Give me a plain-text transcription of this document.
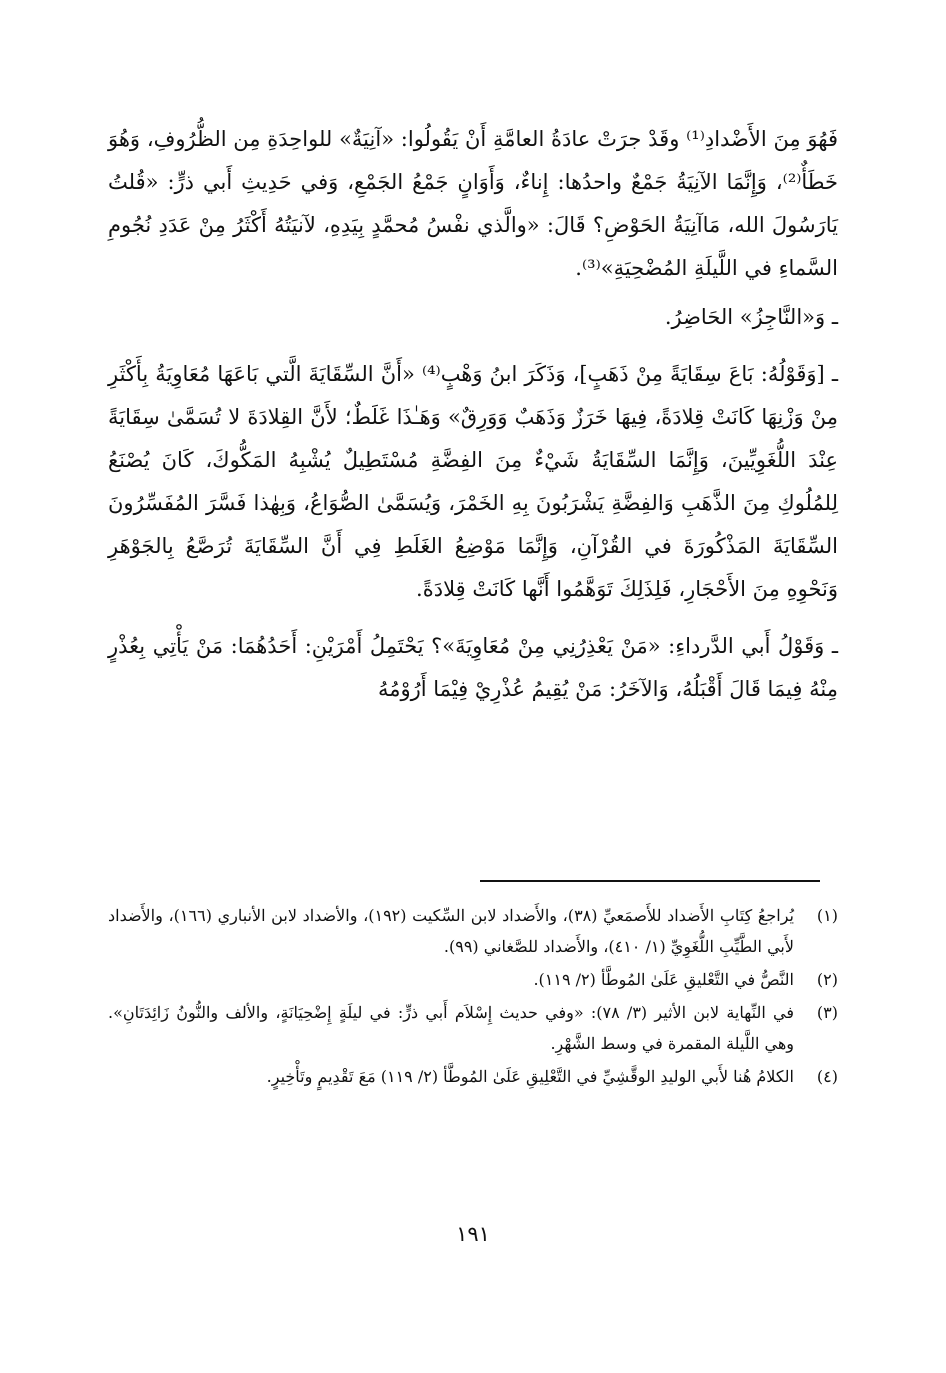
فَهُوَ مِنَ الأَضْدادِ⁽¹⁾ وقَدْ جرَتْ عادَةُ العامَّةِ أَنْ يَقُولُوا: «آنِيَةٌ» للواحِدَةِ مِن الظُّرُوفِ، وَهُوَ خَطَأٌ⁽²⁾، وَإِنَّمَا الآنِيَةُ جَمْعٌ واحدُها: إِناءٌ، وَأَوَانٍ جَمْعُ الجَمْعِ، وَفي حَدِيثِ أَبي ذرٍّ: «قُلتُ يَارَسُولَ الله، مَاآنِيَةُ الحَوْضِ؟ قَالَ: «والَّذي نفْسُ مُحمَّدٍ بِيَدِهِ، لآنيَتُهُ أَكْثَرُ مِنْ عَدَدِ نُجُومِ السَّماءِ في اللَّيلَةِ المُضْحِيَةِ»⁽³⁾.

ـ وَ«النَّاجِزُ» الحَاضِرُ.

ـ [وَقَوْلُهُ: بَاعَ سِقَايَةً مِنْ ذَهَبٍ]، وَذَكَرَ ابنُ وَهْبٍ⁽⁴⁾ «أَنَّ السِّقَايَةَ الَّتي بَاعَهَا مُعَاوِيَةُ بِأَكْثَرِ مِنْ وَزْنِهَا كَانَتْ قِلادَةً، فِيهَا خَرَزٌ وَذَهَبٌ وَوَرِقٌ» وَهَـٰذَا غَلَطٌ؛ لأَنَّ القِلادَةَ لا تُسَمَّىٰ سِقَايَةً عِنْدَ اللُّغَوِيِّينَ، وَإِنَّمَا السِّقَايَةُ شَيْءٌ مِنَ الفِضَّةِ مُسْتَطِيلٌ يُشْبِهُ المَكُّوكَ، كَانَ يُصْنَعُ لِلمُلُوكِ مِنَ الذَّهَبِ وَالفِضَّةِ يَشْرَبُونَ بِهِ الخَمْرَ، وَيُسَمَّىٰ الصُّوَاعُ، وَبِهٰذا فَسَّرَ المُفَسِّرُونَ السِّقَايَةَ المَذْكُورَةَ في القُرْآنِ، وَإِنَّمَا مَوْضِعُ الغَلَطِ فِي أَنَّ السِّقَايَةَ تُرَصَّعُ بِالجَوْهَرِ وَنَحْوِهِ مِنَ الأَحْجَارِ، فَلِذَلِكَ تَوَهَّمُوا أَنَّها كَانَتْ قِلادَةً.

ـ وَقَوْلُ أَبي الدَّرداءِ: «مَنْ يَعْذِرُنِي مِنْ مُعَاوِيَةَ»؟ يَحْتَمِلُ أَمْرَيْنِ: أَحَدُهُمَا: مَنْ يَأْتِي بِعُذْرٍ مِنْهُ فِيمَا قَالَ أَقْبَلُهُ، وَالآخَرُ: مَنْ يُقِيمُ عُذْرِيْ فِيْمَا أَرُوْمُهُ

(١)
يُراجعُ كِتَابِ الأَضداد للأَصمَعيِّ (٣٨)، والأَضداد لابن السِّكيت (١٩٢)، والأضداد لابن الأنباري (١٦٦)، والأَضداد لأَبي الطَّيِّبِ اللُّغَوِيِّ (١/ ٤١٠)، والأَضداد للصَّغاني (٩٩).
(٢)
النَّصُّ في التَّعْليقِ عَلَىٰ المُوطَّأ (٢/ ١١٩).
(٣)
في النِّهاية لابن الأثير (٣/ ٧٨): «وفي حديث إِسْلاَم أَبي ذرٍّ: في ليلَةٍ إِضْحِيَانَةٍ، والألف والنُّونُ زَائِدَتَانِ». وهي اللَّيلة المقمرة في وسط الشَّهْرِ.
(٤)
الكلامُ هُنا لأَبي الوليدِ الوقَّشِيِّ في التَّعْلِيقِ عَلَىٰ المُوطَّأ (٢/ ١١٩) مَعَ تَقْدِيمٍ وتَأْخِيرٍ.
١٩١
